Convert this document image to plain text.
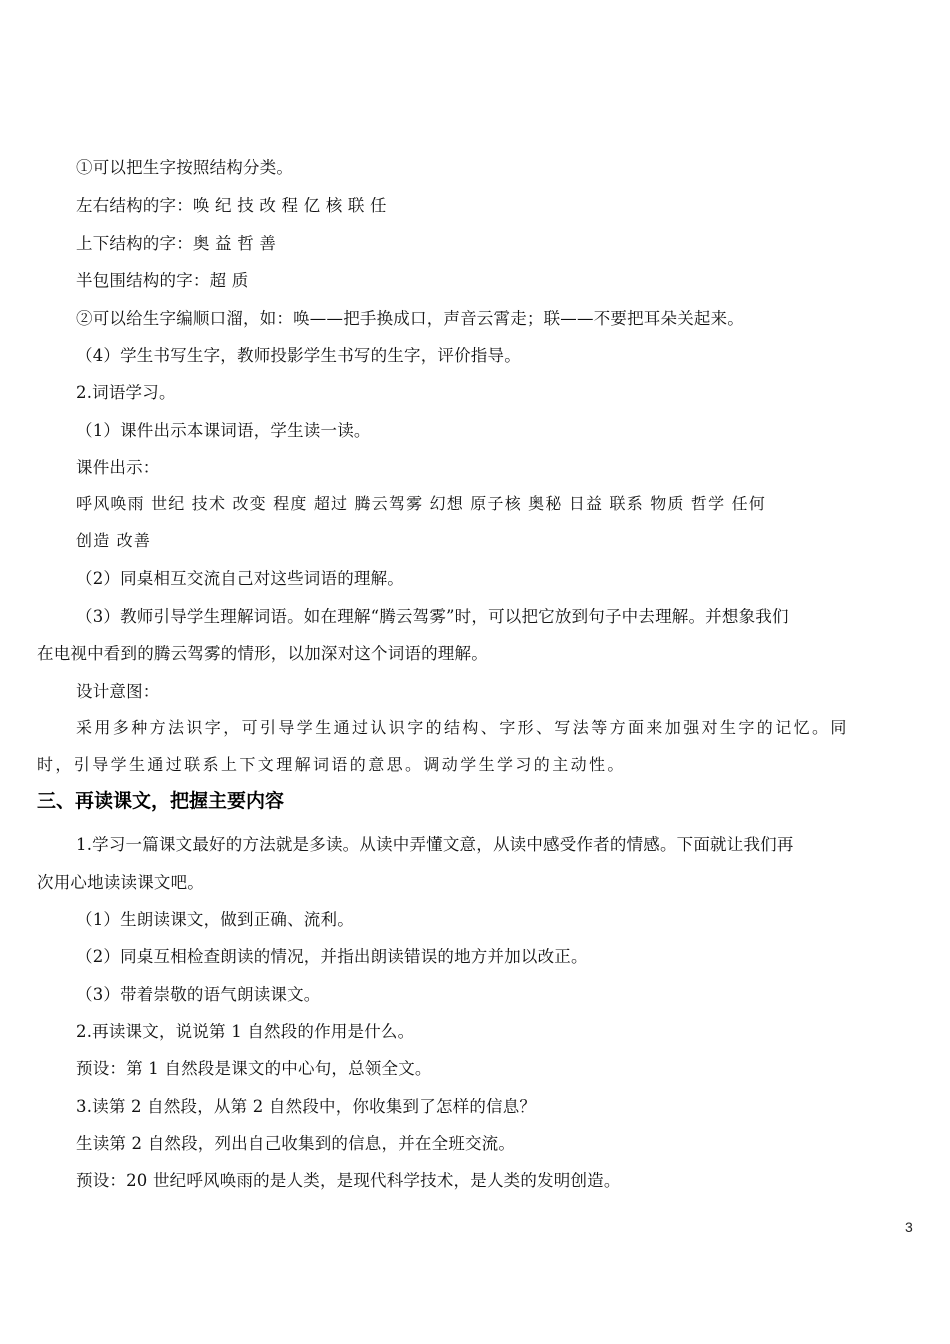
①可以把生字按照结构分类。
左右结构的字：唤 纪 技 改 程 亿 核 联 任
上下结构的字：奥 益 哲 善
半包围结构的字：超 质
②可以给生字编顺口溜，如：唤——把手换成口，声音云霄走；联——不要把耳朵关起来。
（4）学生书写生字，教师投影学生书写的生字，评价指导。
2.词语学习。
（1）课件出示本课词语，学生读一读。
课件出示：
呼风唤雨 世纪 技术 改变 程度 超过 腾云驾雾 幻想 原子核 奥秘 日益 联系 物质 哲学 任何
创造 改善
（2）同桌相互交流自己对这些词语的理解。
（3）教师引导学生理解词语。如在理解“腾云驾雾”时，可以把它放到句子中去理解。并想象我们
在电视中看到的腾云驾雾的情形，以加深对这个词语的理解。
设计意图：
采用多种方法识字，可引导学生通过认识字的结构、字形、写法等方面来加强对生字的记忆。同
时，引导学生通过联系上下文理解词语的意思。调动学生学习的主动性。
三、再读课文，把握主要内容
1.学习一篇课文最好的方法就是多读。从读中弄懂文意，从读中感受作者的情感。下面就让我们再
次用心地读读课文吧。
（1）生朗读课文，做到正确、流利。
（2）同桌互相检查朗读的情况，并指出朗读错误的地方并加以改正。
（3）带着崇敬的语气朗读课文。
2.再读课文，说说第 1 自然段的作用是什么。
预设：第 1 自然段是课文的中心句，总领全文。
3.读第 2 自然段，从第 2 自然段中，你收集到了怎样的信息？
生读第 2 自然段，列出自己收集到的信息，并在全班交流。
预设：20 世纪呼风唤雨的是人类，是现代科学技术，是人类的发明创造。
3
